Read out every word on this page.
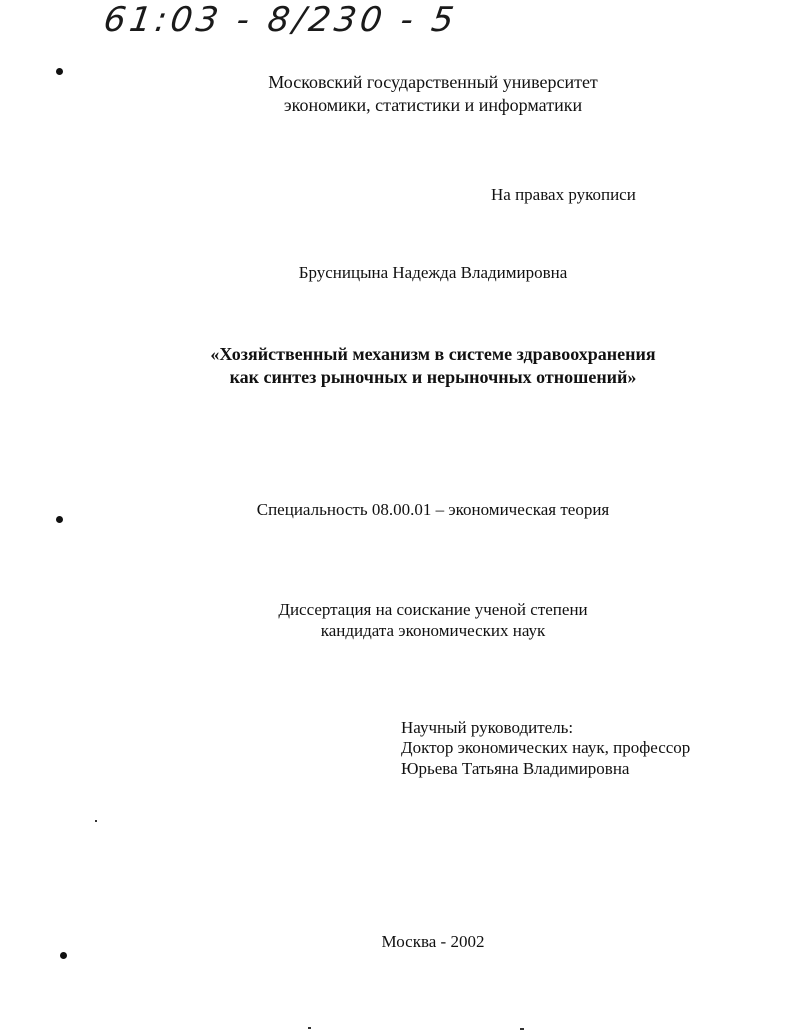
61:03 - 8/230 - 5
Московский государственный университет
экономики, статистики и информатики
На правах рукописи
Брусницына Надежда Владимировна
«Хозяйственный механизм в системе здравоохранения
как синтез рыночных и нерыночных отношений»
Специальность 08.00.01 – экономическая теория
Диссертация на соискание ученой степени
кандидата экономических наук
Научный руководитель:
Доктор экономических наук, профессор
Юрьева Татьяна Владимировна
Москва - 2002
